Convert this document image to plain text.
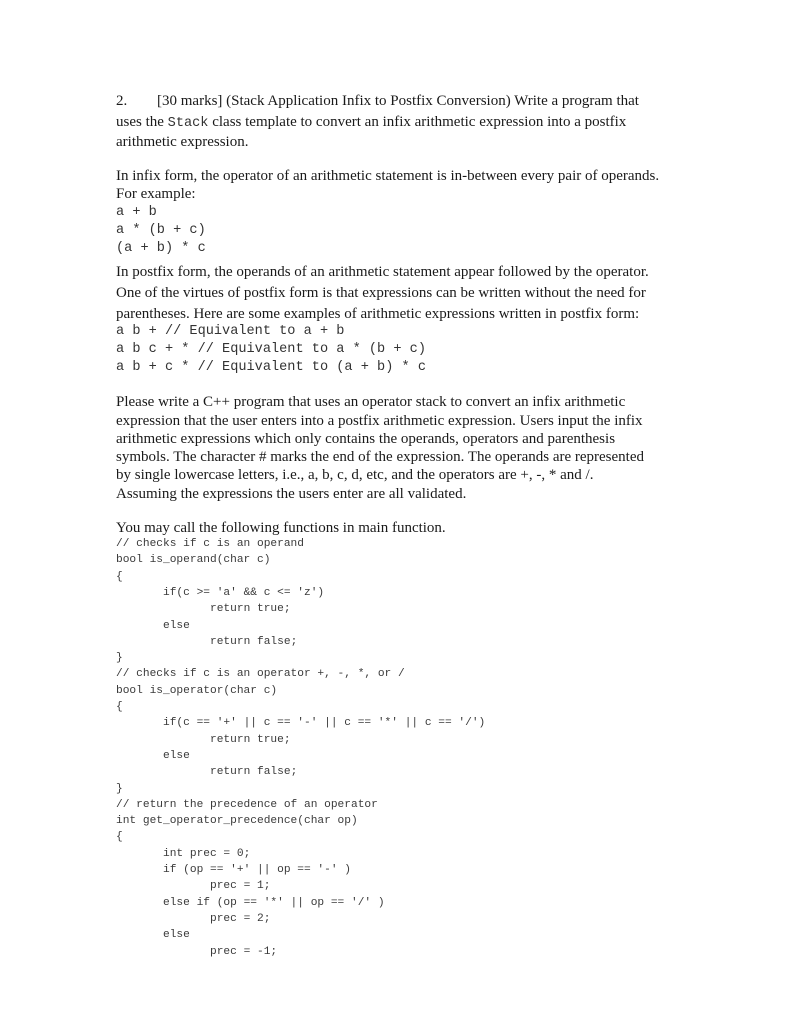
2. [30 marks] (Stack Application Infix to Postfix Conversion) Write a program that
uses the Stack class template to convert an infix arithmetic expression into a postfix
arithmetic expression.
In infix form, the operator of an arithmetic statement is in-between every pair of operands.
For example:
a + b
a * (b + c)
(a + b) * c
In postfix form, the operands of an arithmetic statement appear followed by the operator.
One of the virtues of postfix form is that expressions can be written without the need for
parentheses. Here are some examples of arithmetic expressions written in postfix form:
a b + // Equivalent to a + b
a b c + * // Equivalent to a * (b + c)
a b + c * // Equivalent to (a + b) * c
Please write a C++ program that uses an operator stack to convert an infix arithmetic
expression that the user enters into a postfix arithmetic expression. Users input the infix
arithmetic expressions which only contains the operands, operators and parenthesis
symbols. The character # marks the end of the expression. The operands are represented
by single lowercase letters, i.e., a, b, c, d, etc, and the operators are +, -, * and /.
Assuming the expressions the users enter are all validated.
You may call the following functions in main function.
// checks if c is an operand
bool is_operand(char c)
{
if(c >= 'a' && c <= 'z')
return true;
else
return false;
}
// checks if c is an operator +, -, *, or /
bool is_operator(char c)
{
if(c == '+' || c == '-' || c == '*' || c == '/')
return true;
else
return false;
}
// return the precedence of an operator
int get_operator_precedence(char op)
{
int prec = 0;
if (op == '+' || op == '-' )
prec = 1;
else if (op == '*' || op == '/' )
prec = 2;
else
prec = -1;
